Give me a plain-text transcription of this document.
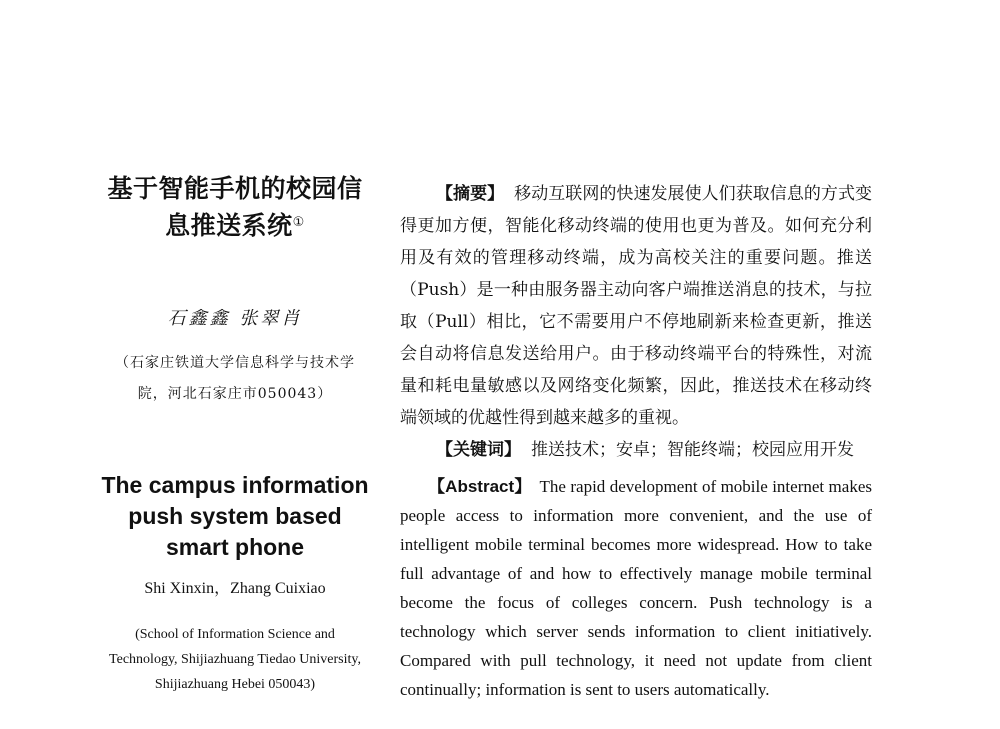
基于智能手机的校园信息推送系统①
石鑫鑫 张翠肖
（石家庄铁道大学信息科学与技术学院，河北石家庄市050043）
The campus information push system based smart phone
Shi Xinxin，Zhang Cuixiao
(School of Information Science and Technology, Shijiazhuang Tiedao University, Shijiazhuang Hebei 050043)

【摘要】 移动互联网的快速发展使人们获取信息的方式变得更加方便，智能化移动终端的使用也更为普及。如何充分利用及有效的管理移动终端，成为高校关注的重要问题。推送（Push）是一种由服务器主动向客户端推送消息的技术，与拉取（Pull）相比，它不需要用户不停地刷新来检查更新，推送会自动将信息发送给用户。由于移动终端平台的特殊性，对流量和耗电量敏感以及网络变化频繁，因此，推送技术在移动终端领域的优越性得到越来越多的重视。

【关键词】 推送技术；安卓；智能终端；校园应用开发

【Abstract】 The rapid development of mobile internet makes people access to information more convenient, and the use of intelligent mobile terminal becomes more widespread. How to take full advantage of and how to effectively manage mobile terminal become the focus of colleges concern. Push technology is a technology which server sends information to client initiatively. Compared with pull technology, it need not update from client continually; information is sent to users automatically.
